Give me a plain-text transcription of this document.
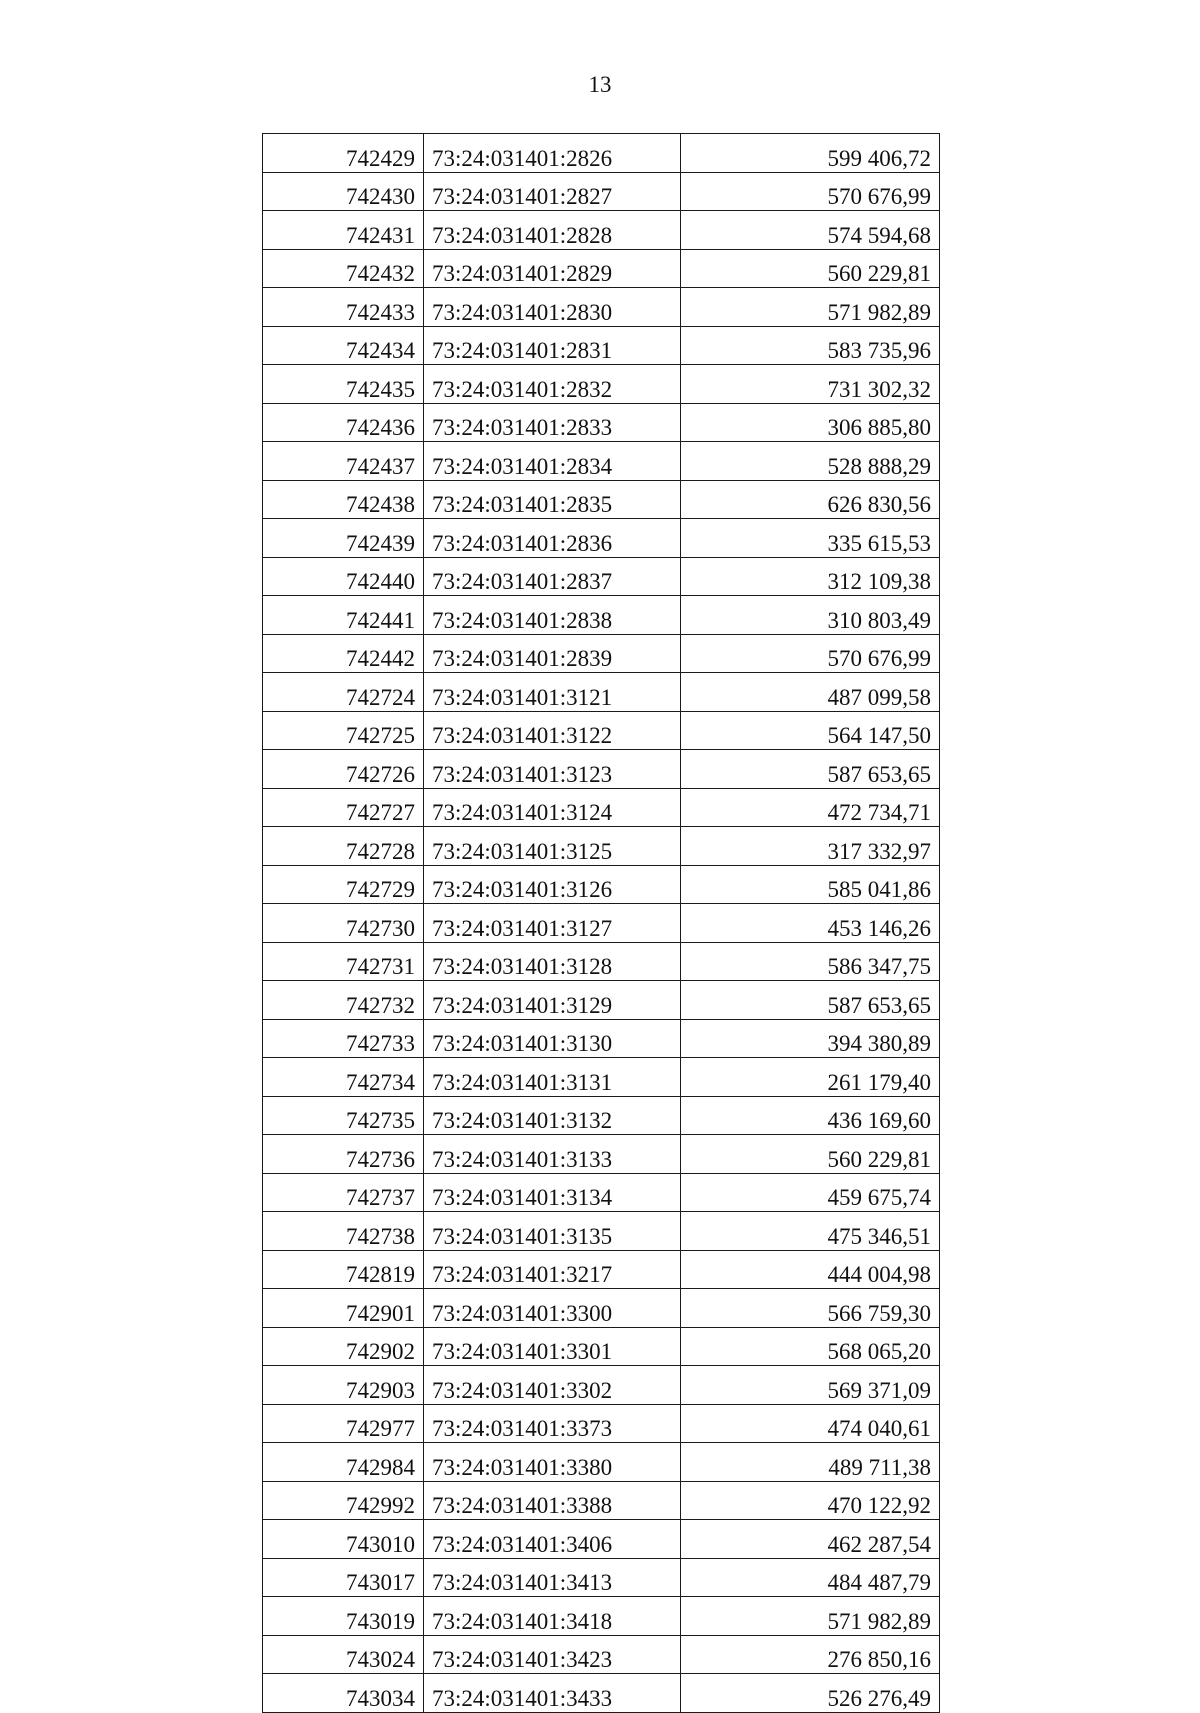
13
742429	73:24:031401:2826	599 406,72
742430	73:24:031401:2827	570 676,99
742431	73:24:031401:2828	574 594,68
742432	73:24:031401:2829	560 229,81
742433	73:24:031401:2830	571 982,89
742434	73:24:031401:2831	583 735,96
742435	73:24:031401:2832	731 302,32
742436	73:24:031401:2833	306 885,80
742437	73:24:031401:2834	528 888,29
742438	73:24:031401:2835	626 830,56
742439	73:24:031401:2836	335 615,53
742440	73:24:031401:2837	312 109,38
742441	73:24:031401:2838	310 803,49
742442	73:24:031401:2839	570 676,99
742724	73:24:031401:3121	487 099,58
742725	73:24:031401:3122	564 147,50
742726	73:24:031401:3123	587 653,65
742727	73:24:031401:3124	472 734,71
742728	73:24:031401:3125	317 332,97
742729	73:24:031401:3126	585 041,86
742730	73:24:031401:3127	453 146,26
742731	73:24:031401:3128	586 347,75
742732	73:24:031401:3129	587 653,65
742733	73:24:031401:3130	394 380,89
742734	73:24:031401:3131	261 179,40
742735	73:24:031401:3132	436 169,60
742736	73:24:031401:3133	560 229,81
742737	73:24:031401:3134	459 675,74
742738	73:24:031401:3135	475 346,51
742819	73:24:031401:3217	444 004,98
742901	73:24:031401:3300	566 759,30
742902	73:24:031401:3301	568 065,20
742903	73:24:031401:3302	569 371,09
742977	73:24:031401:3373	474 040,61
742984	73:24:031401:3380	489 711,38
742992	73:24:031401:3388	470 122,92
743010	73:24:031401:3406	462 287,54
743017	73:24:031401:3413	484 487,79
743019	73:24:031401:3418	571 982,89
743024	73:24:031401:3423	276 850,16
743034	73:24:031401:3433	526 276,49
